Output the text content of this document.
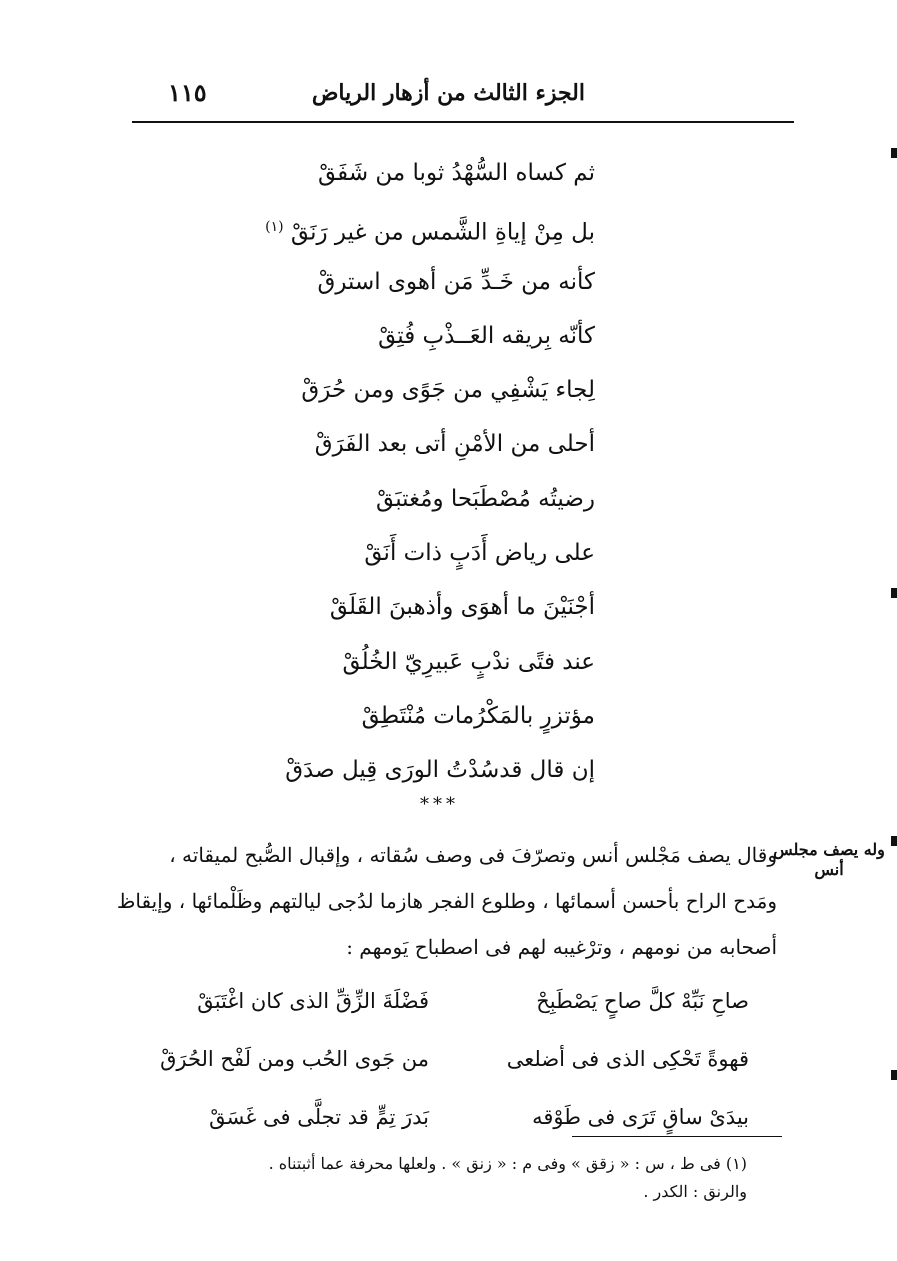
الجزء الثالث من أزهار الرياض
١١٥
ثم كساه السُّهْدُ ثوبا من شَفَقْ
بل مِنْ إياةِ الشَّمس من غير رَنَقْ $^{(١)}$
كأنه من خَـدِّ مَن أهوى استرقْ
كأنّه بِريقه العَــذْبِ فُتِقْ
لِجاء يَشْفِي من جَوًى ومن حُرَقْ
أحلى من الأمْنِ أتى بعد الفَرَقْ
رضيتُه مُصْطَبَحا ومُغتبَقْ
على رياض أَدَبٍ ذات أَنَقْ
أجْنَيْنَ ما أهوَى وأذهبنَ القَلَقْ
عند فتًى ندْبٍ عَبيرِيّ الخُلُقْ
مؤتزرٍ بالمَكْرُمات مُنْتَطِقْ
إن قال قدسُدْتُ الورَى قِيل صدَقْ
***
وله يصف مجلس أنس
وقال يصف مَجْلس أنس وتصرّفَ فى وصف سُقاته ، وإقبال الصُّبح لميقاته ،
ومَدح الراح بأحسن أسمائها ، وطلوع الفجر هازما لدُجى ليالتهم وظَلْمائها ، وإيقاظ
أصحابه من نومهم ، وترْغيبه لهم فى اصطباح يَومهم :
صاحِ نَبِّهْ كلَّ صاحٍ يَصْطَبِحْ
فَضْلَةَ الزِّقِّ الذى كان اغْتَبَقْ
قهوةً تَحْكِى الذى فى أضلعى
من جَوى الحُب ومن لَفْح الحُرَقْ
بيدَىْ ساقٍ تَرَى فى طَوْقه
بَدرَ تِمٍّ قد تجلَّى فى غَسَقْ
(١) فى ط ، س : « زقق » وفى م : « زنق » . ولعلها محرفة عما أثبتناه .
والرنق : الكدر .
